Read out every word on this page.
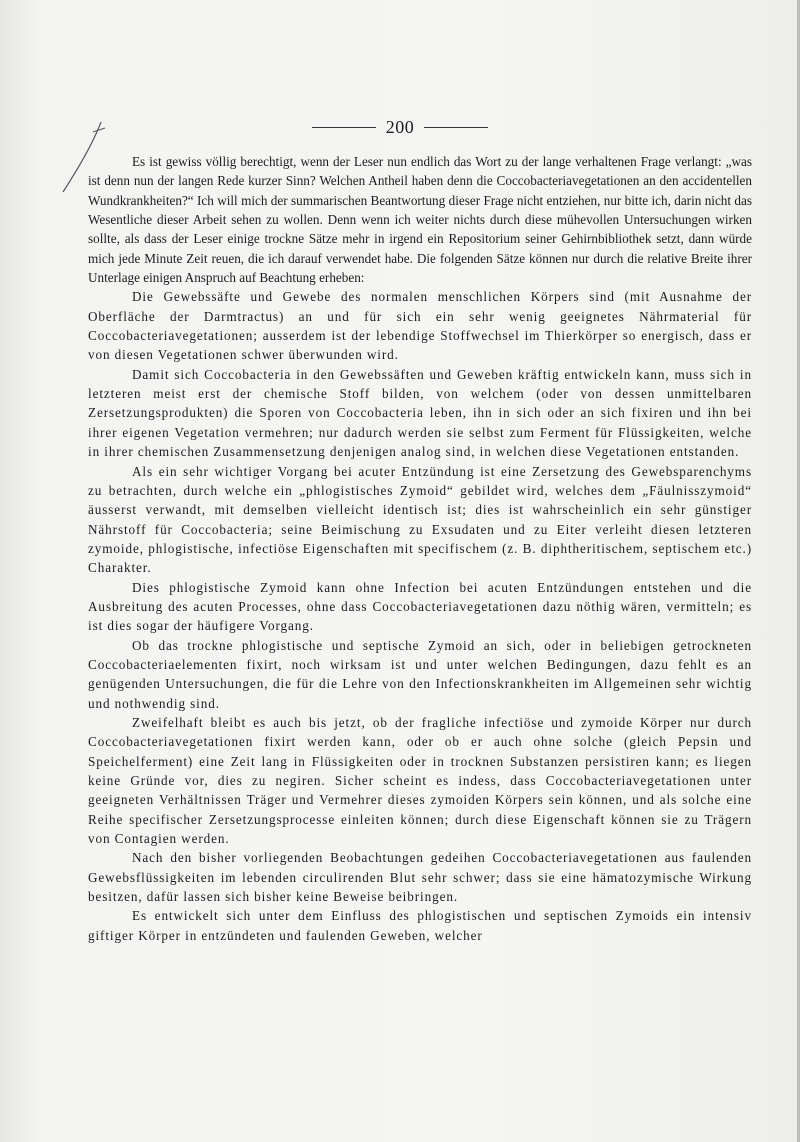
200

Es ist gewiss völlig berechtigt, wenn der Leser nun endlich das Wort zu der lange verhaltenen Frage verlangt: „was ist denn nun der langen Rede kurzer Sinn? Welchen Antheil haben denn die Coccobacteriavegetationen an den accidentellen Wundkrankheiten?“ Ich will mich der summarischen Beantwortung dieser Frage nicht entziehen, nur bitte ich, darin nicht das Wesentliche dieser Arbeit sehen zu wollen. Denn wenn ich weiter nichts durch diese mühevollen Untersuchungen wirken sollte, als dass der Leser einige trockne Sätze mehr in irgend ein Repositorium seiner Gehirnbibliothek setzt, dann würde mich jede Minute Zeit reuen, die ich darauf verwendet habe. Die folgenden Sätze können nur durch die relative Breite ihrer Unterlage einigen Anspruch auf Beachtung erheben:

Die Gewebssäfte und Gewebe des normalen menschlichen Körpers sind (mit Ausnahme der Oberfläche der Darmtractus) an und für sich ein sehr wenig geeignetes Nährmaterial für Coccobacteriavegetationen; ausserdem ist der lebendige Stoffwechsel im Thierkörper so energisch, dass er von diesen Vegetationen schwer überwunden wird.

Damit sich Coccobacteria in den Gewebssäften und Geweben kräftig entwickeln kann, muss sich in letzteren meist erst der chemische Stoff bilden, von welchem (oder von dessen unmittelbaren Zersetzungsprodukten) die Sporen von Coccobacteria leben, ihn in sich oder an sich fixiren und ihn bei ihrer eigenen Vegetation vermehren; nur dadurch werden sie selbst zum Ferment für Flüssigkeiten, welche in ihrer chemischen Zusammensetzung denjenigen analog sind, in welchen diese Vegetationen entstanden.

Als ein sehr wichtiger Vorgang bei acuter Entzündung ist eine Zersetzung des Gewebsparenchyms zu betrachten, durch welche ein „phlogistisches Zymoid“ gebildet wird, welches dem „Fäulnisszymoid“ äusserst verwandt, mit demselben vielleicht identisch ist; dies ist wahrscheinlich ein sehr günstiger Nährstoff für Coccobacteria; seine Beimischung zu Exsudaten und zu Eiter verleiht diesen letzteren zymoide, phlogistische, infectiöse Eigenschaften mit specifischem (z. B. diphtheritischem, septischem etc.) Charakter.

Dies phlogistische Zymoid kann ohne Infection bei acuten Entzündungen entstehen und die Ausbreitung des acuten Processes, ohne dass Coccobacteriavegetationen dazu nöthig wären, vermitteln; es ist dies sogar der häufigere Vorgang.

Ob das trockne phlogistische und septische Zymoid an sich, oder in beliebigen getrockneten Coccobacteriaelementen fixirt, noch wirksam ist und unter welchen Bedingungen, dazu fehlt es an genügenden Untersuchungen, die für die Lehre von den Infectionskrankheiten im Allgemeinen sehr wichtig und nothwendig sind.

Zweifelhaft bleibt es auch bis jetzt, ob der fragliche infectiöse und zymoide Körper nur durch Coccobacteriavegetationen fixirt werden kann, oder ob er auch ohne solche (gleich Pepsin und Speichelferment) eine Zeit lang in Flüssigkeiten oder in trocknen Substanzen persistiren kann; es liegen keine Gründe vor, dies zu negiren. Sicher scheint es indess, dass Coccobacteriavegetationen unter geeigneten Verhältnissen Träger und Vermehrer dieses zymoiden Körpers sein können, und als solche eine Reihe specifischer Zersetzungsprocesse einleiten können; durch diese Eigenschaft können sie zu Trägern von Contagien werden.

Nach den bisher vorliegenden Beobachtungen gedeihen Coccobacteriavegetationen aus faulenden Gewebsflüssigkeiten im lebenden circulirenden Blut sehr schwer; dass sie eine hämatozymische Wirkung besitzen, dafür lassen sich bisher keine Beweise beibringen.

Es entwickelt sich unter dem Einfluss des phlogistischen und septischen Zymoids ein intensiv giftiger Körper in entzündeten und faulenden Geweben, welcher
